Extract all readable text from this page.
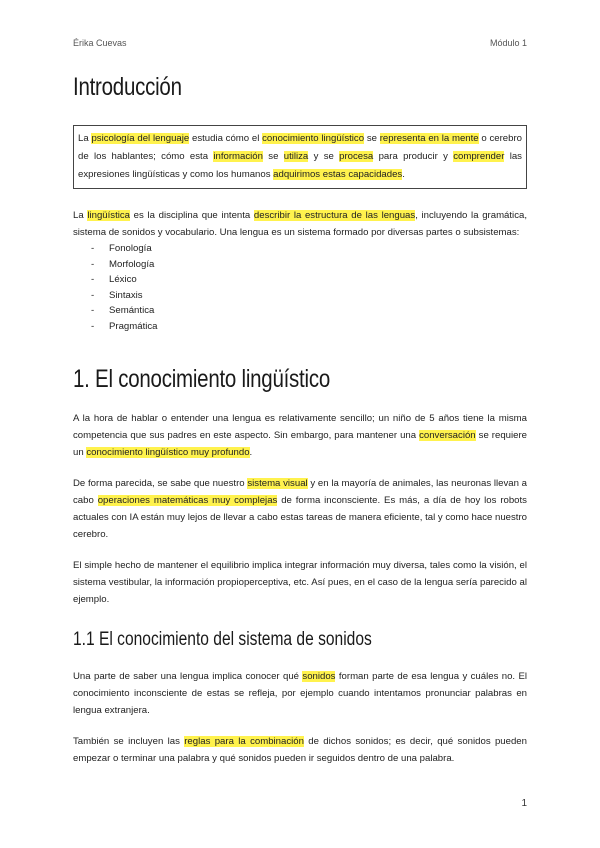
Érika Cuevas	Módulo 1
Introducción
La psicología del lenguaje estudia cómo el conocimiento lingüístico se representa en la mente o cerebro de los hablantes; cómo esta información se utiliza y se procesa para producir y comprender las expresiones lingüísticas y como los humanos adquirimos estas capacidades.

La lingüística es la disciplina que intenta describir la estructura de las lenguas, incluyendo la gramática, sistema de sonidos y vocabulario. Una lengua es un sistema formado por diversas partes o subsistemas:

- Fonología
- Morfología
- Léxico
- Sintaxis
- Semántica
- Pragmática
1. El conocimiento lingüístico

A la hora de hablar o entender una lengua es relativamente sencillo; un niño de 5 años tiene la misma competencia que sus padres en este aspecto. Sin embargo, para mantener una conversación se requiere un conocimiento lingüístico muy profundo.

De forma parecida, se sabe que nuestro sistema visual y en la mayoría de animales, las neuronas llevan a cabo operaciones matemáticas muy complejas de forma inconsciente. Es más, a día de hoy los robots actuales con IA están muy lejos de llevar a cabo estas tareas de manera eficiente, tal y como hace nuestro cerebro.

El simple hecho de mantener el equilibrio implica integrar información muy diversa, tales como la visión, el sistema vestibular, la información propioperceptiva, etc. Así pues, en el caso de la lengua sería parecido al ejemplo.

1.1 El conocimiento del sistema de sonidos

Una parte de saber una lengua implica conocer qué sonidos forman parte de esa lengua y cuáles no. El conocimiento inconsciente de estas se refleja, por ejemplo cuando intentamos pronunciar palabras en lengua extranjera.

También se incluyen las reglas para la combinación de dichos sonidos; es decir, qué sonidos pueden empezar o terminar una palabra y qué sonidos pueden ir seguidos dentro de una palabra.

1
